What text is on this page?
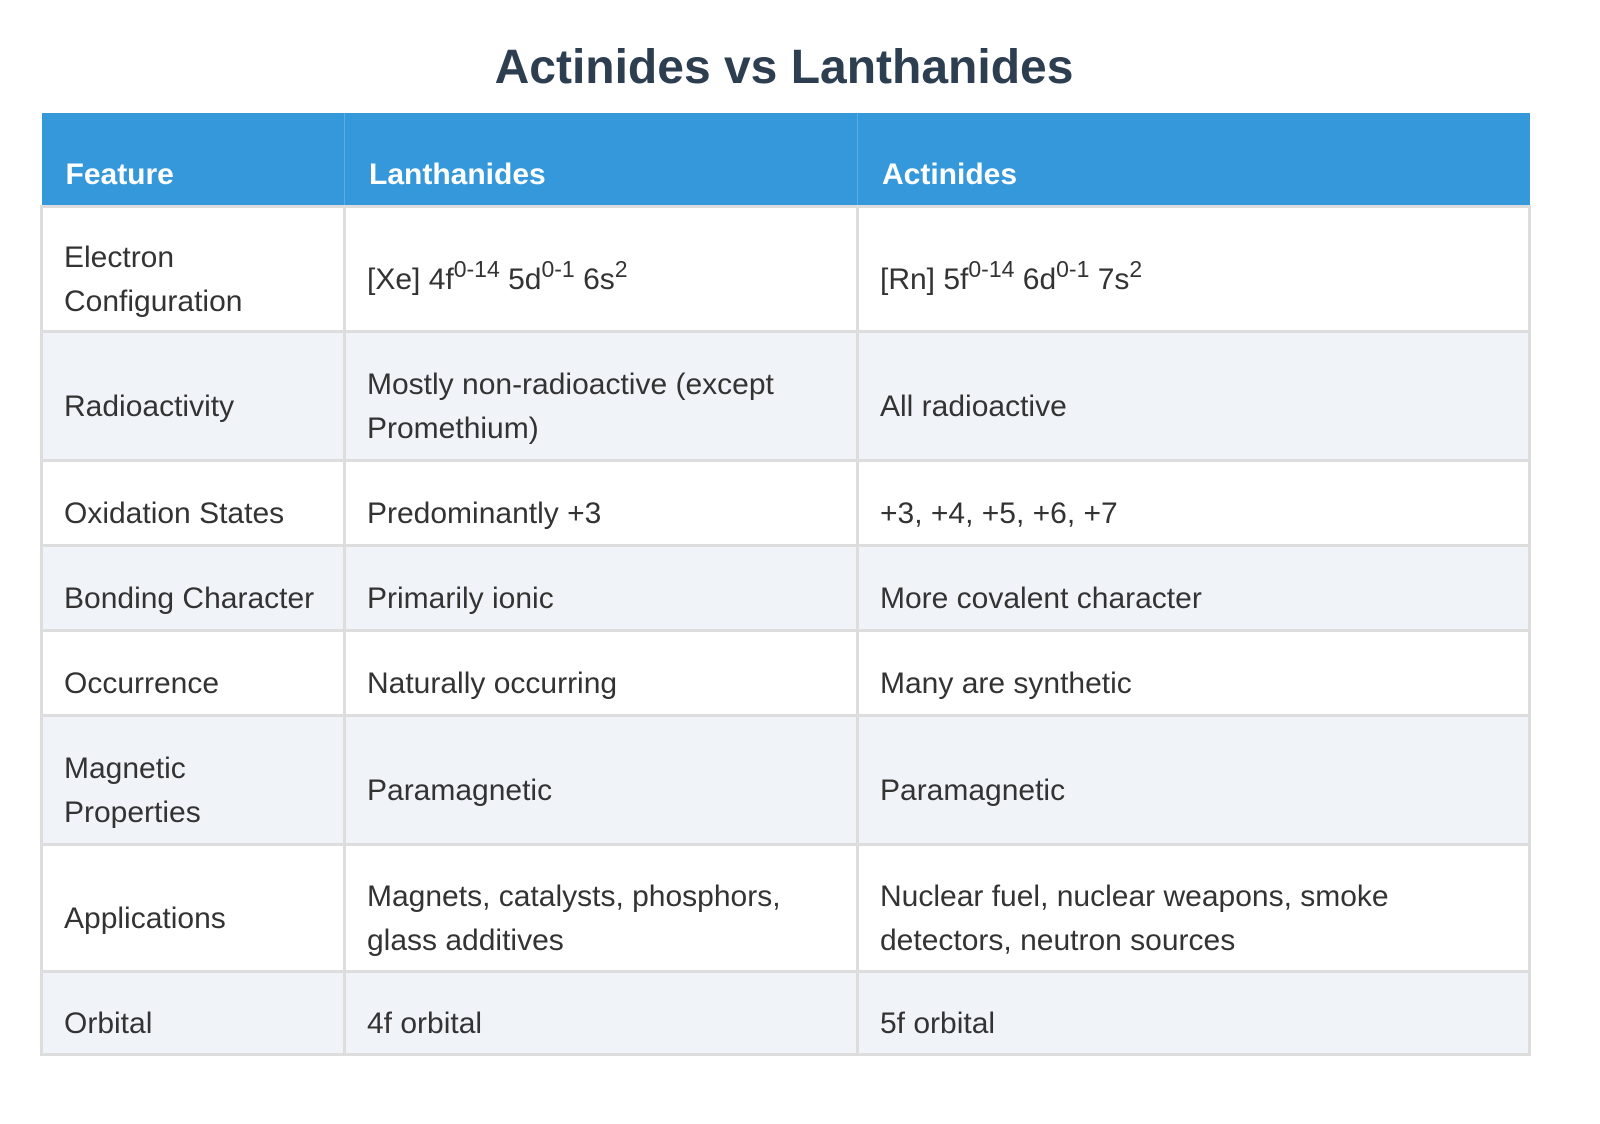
Actinides vs Lanthanides
Feature	Lanthanides	Actinides
Electron Configuration	[Xe] $4f^{0-14}$ $5d^{0-1}$ $6s^2$	[Rn] $5f^{0-14}$ $6d^{0-1}$ $7s^2$
Radioactivity	Mostly non-radioactive (except Promethium)	All radioactive
Oxidation States	Predominantly +3	+3, +4, +5, +6, +7
Bonding Character	Primarily ionic	More covalent character
Occurrence	Naturally occurring	Many are synthetic
Magnetic Properties	Paramagnetic	Paramagnetic
Applications	Magnets, catalysts, phosphors, glass additives	Nuclear fuel, nuclear weapons, smoke detectors, neutron sources
Orbital	4f orbital	5f orbital
